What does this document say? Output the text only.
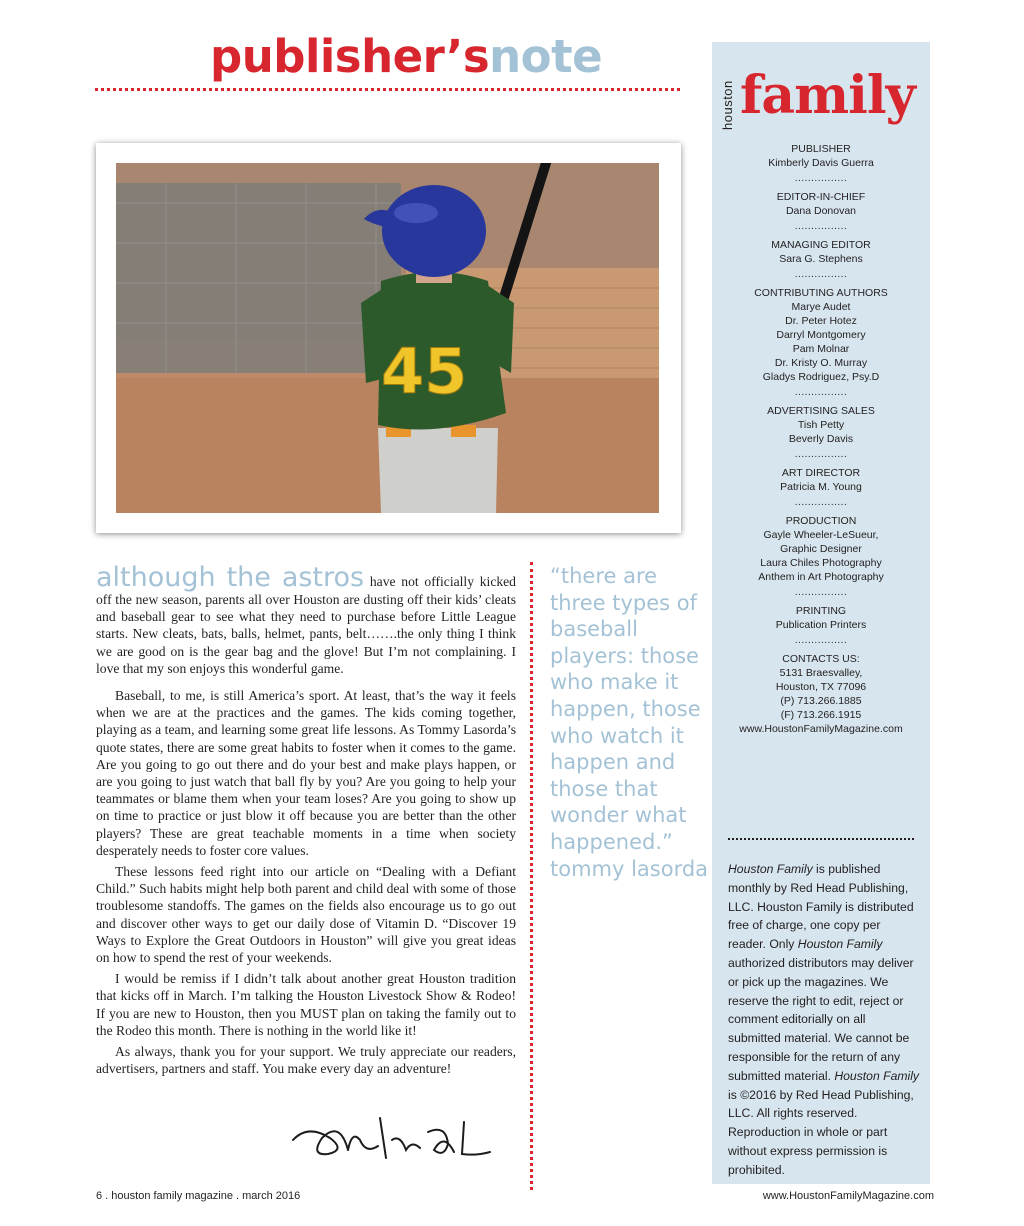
publisher’snote
45

although the astros have not officially kicked off the new season, parents all over Houston are dusting off their kids’ cleats and baseball gear to see what they need to purchase before Little League starts. New cleats, bats, balls, helmet, pants, belt…….the only thing I think we are good on is the gear bag and the glove! But I’m not complaining. I love that my son enjoys this wonderful game.

Baseball, to me, is still America’s sport. At least, that’s the way it feels when we are at the practices and the games. The kids coming together, playing as a team, and learning some great life lessons. As Tommy Lasorda’s quote states, there are some great habits to foster when it comes to the game. Are you going to go out there and do your best and make plays happen, or are you going to just watch that ball fly by you? Are you going to help your teammates or blame them when your team loses? Are you going to show up on time to practice or just blow it off because you are better than the other players? These are great teachable moments in a time when society desperately needs to foster core values.

These lessons feed right into our article on “Dealing with a Defiant Child.” Such habits might help both parent and child deal with some of those troublesome standoffs. The games on the fields also encourage us to go out and discover other ways to get our daily dose of Vitamin D. “Discover 19 Ways to Explore the Great Outdoors in Houston” will give you great ideas on how to spend the rest of your weekends.

I would be remiss if I didn’t talk about another great Houston tradition that kicks off in March. I’m talking the Houston Livestock Show & Rodeo! If you are new to Houston, then you MUST plan on taking the family out to the Rodeo this month. There is nothing in the world like it!

As always, thank you for your support. We truly appreciate our readers, advertisers, partners and staff. You make every day an adventure!

“there are three types of baseball players: those who make it happen, those who watch it happen and those that wonder what happened.”
tommy lasorda
6 . houston family magazine . march 2016	www.HoustonFamilyMagazine.com
houston family
PUBLISHER
Kimberly Davis Guerra
................
EDITOR-IN-CHIEF
Dana Donovan
................
MANAGING EDITOR
Sara G. Stephens
................
CONTRIBUTING AUTHORS
Marye Audet
Dr. Peter Hotez
Darryl Montgomery
Pam Molnar
Dr. Kristy O. Murray
Gladys Rodriguez, Psy.D
................
ADVERTISING SALES
Tish Petty
Beverly Davis
................
ART DIRECTOR
Patricia M. Young
................
PRODUCTION
Gayle Wheeler-LeSueur,
Graphic Designer
Laura Chiles Photography
Anthem in Art Photography
................
PRINTING
Publication Printers
................
CONTACTS US:
5131 Braesvalley,
Houston, TX 77096
(P) 713.266.1885
(F) 713.266.1915
www.HoustonFamilyMagazine.com

Houston Family is published monthly by Red Head Publishing, LLC. Houston Family is distributed free of charge, one copy per reader. Only Houston Family authorized distributors may deliver or pick up the magazines. We reserve the right to edit, reject or comment editorially on all submitted material. We cannot be responsible for the return of any submitted material. Houston Family is ©2016 by Red Head Publishing, LLC. All rights reserved. Reproduction in whole or part without express permission is prohibited.
